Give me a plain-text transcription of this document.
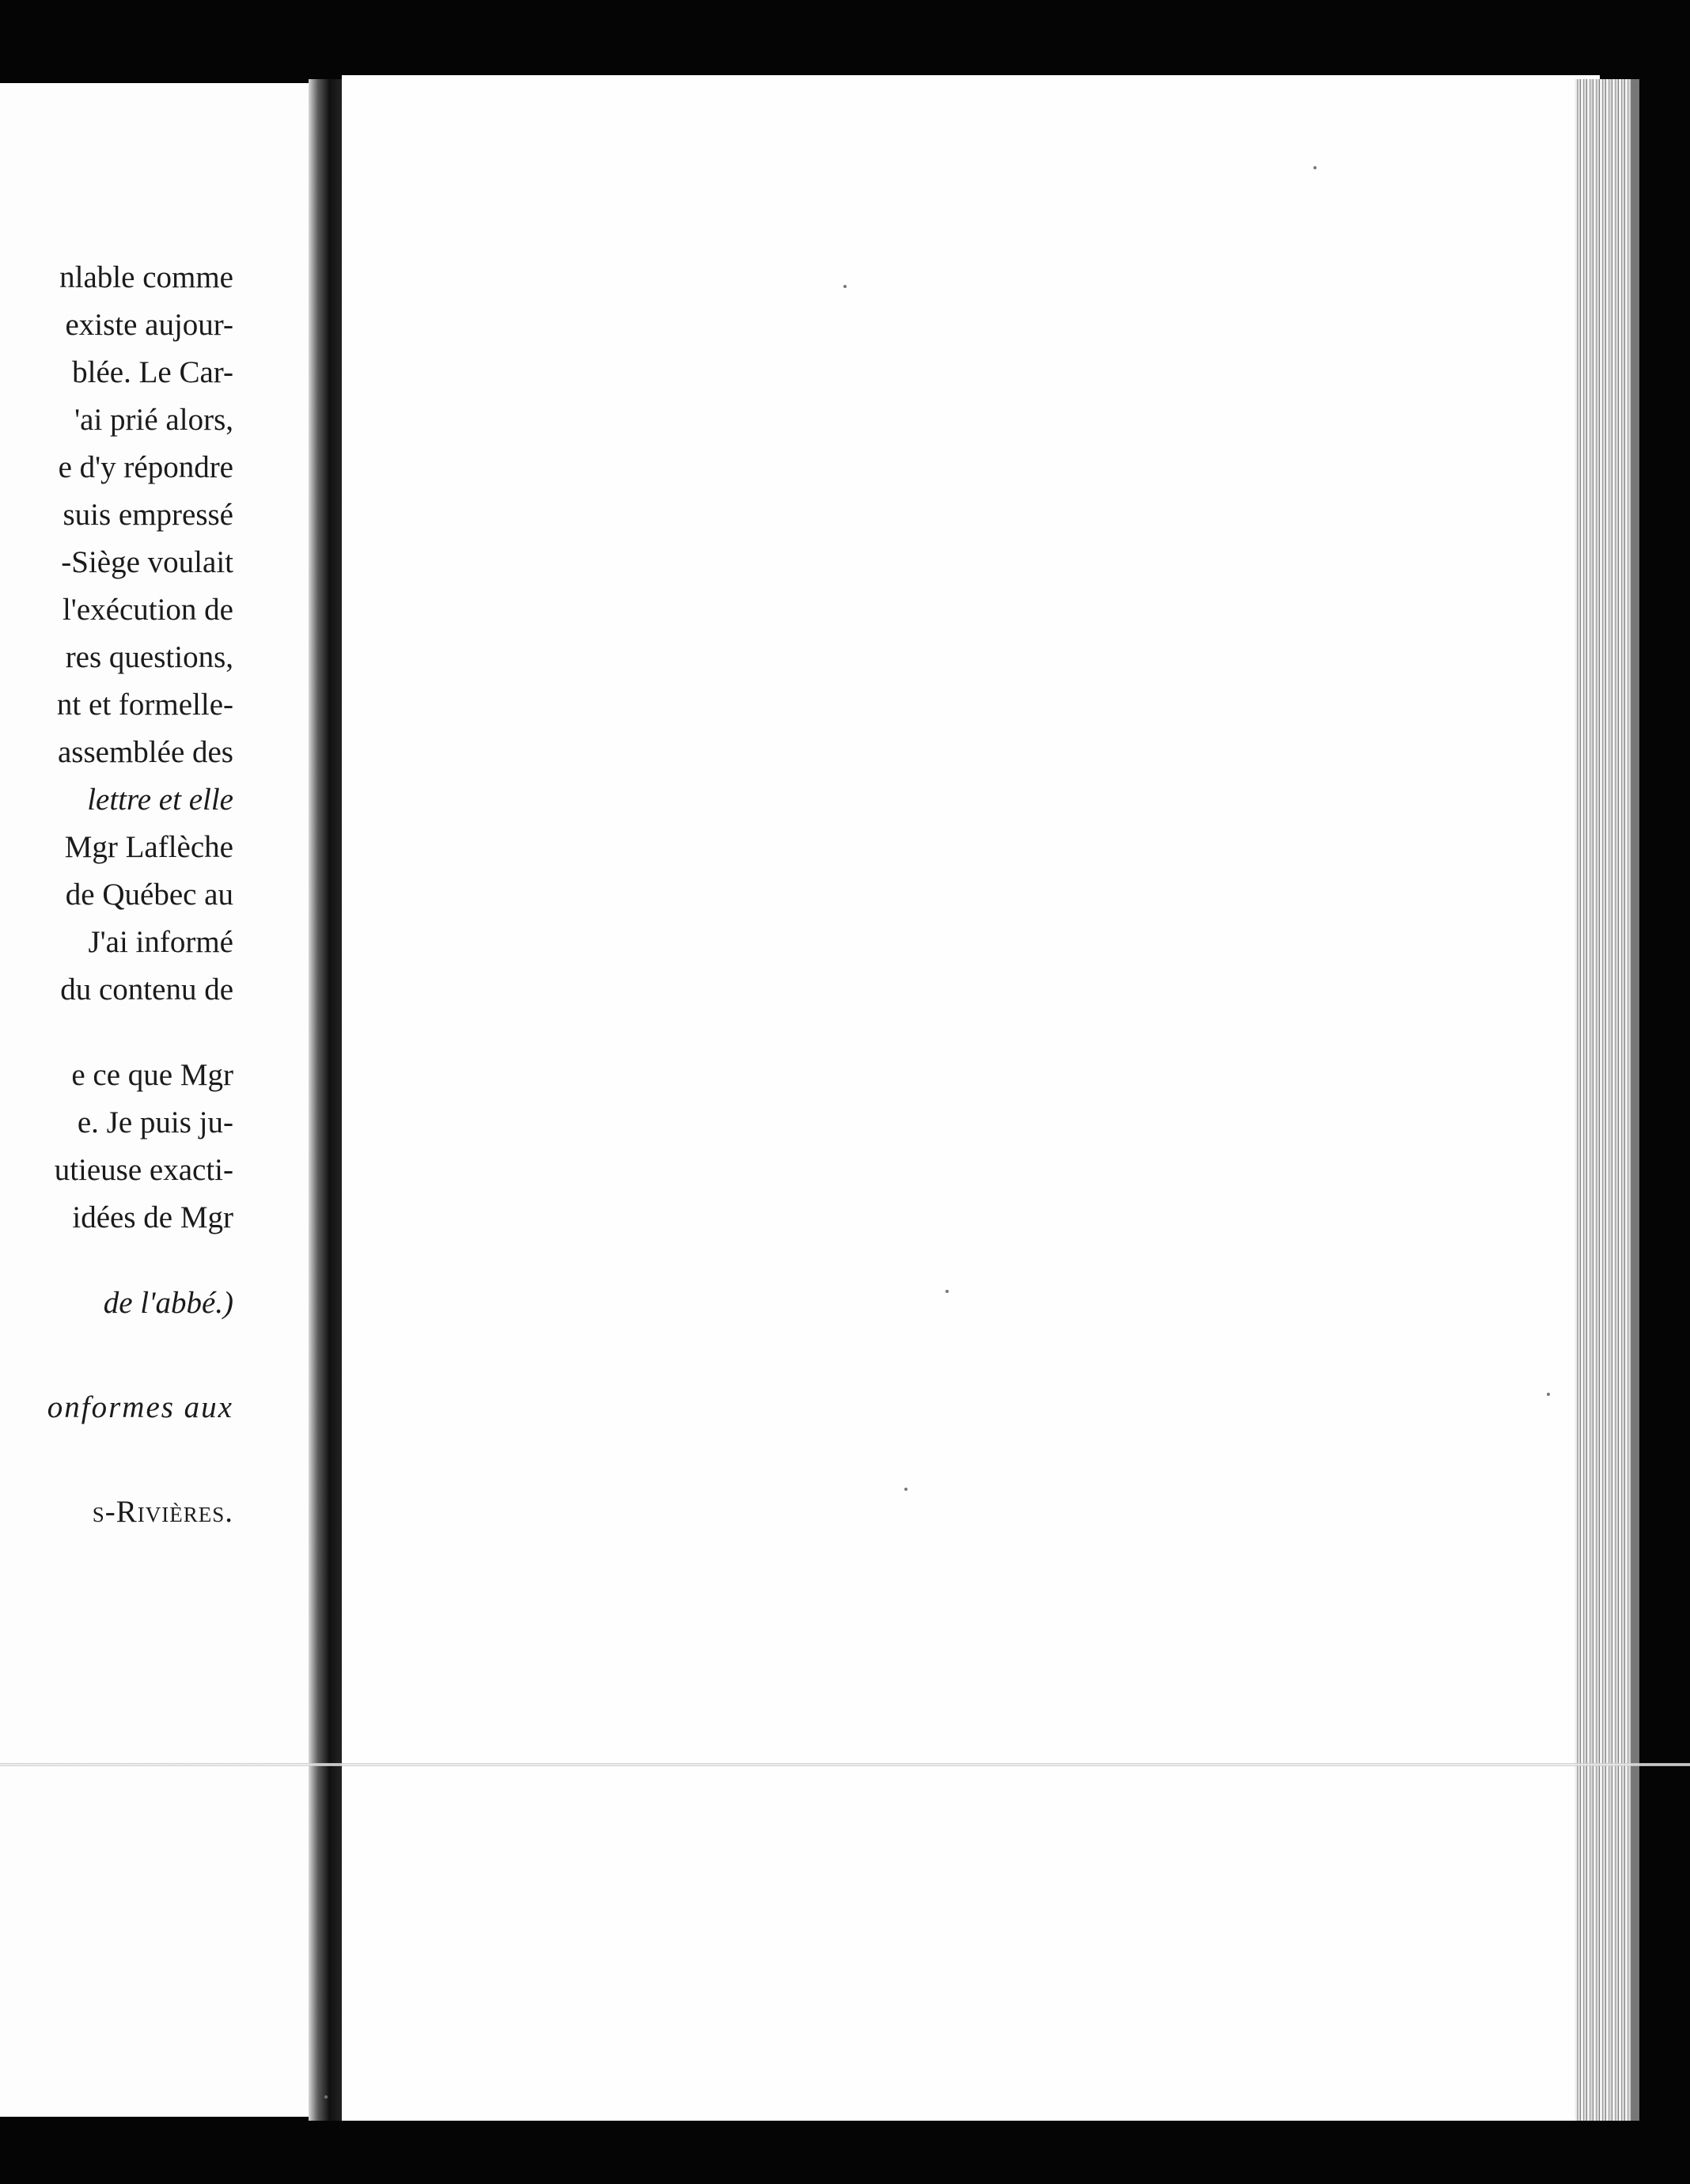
nlable comme
existe aujour-
blée. Le Car-
'ai prié alors,
e d'y répondre
suis empressé
-Siège voulait
l'exécution de
res questions,
nt et formelle-
assemblée des
lettre et elle
Mgr Laflèche
de Québec au
J'ai informé
du contenu de
e ce que Mgr
e. Je puis ju-
utieuse exacti-
idées de Mgr
de l'abbé.)
onformes aux
s-Rivières.
